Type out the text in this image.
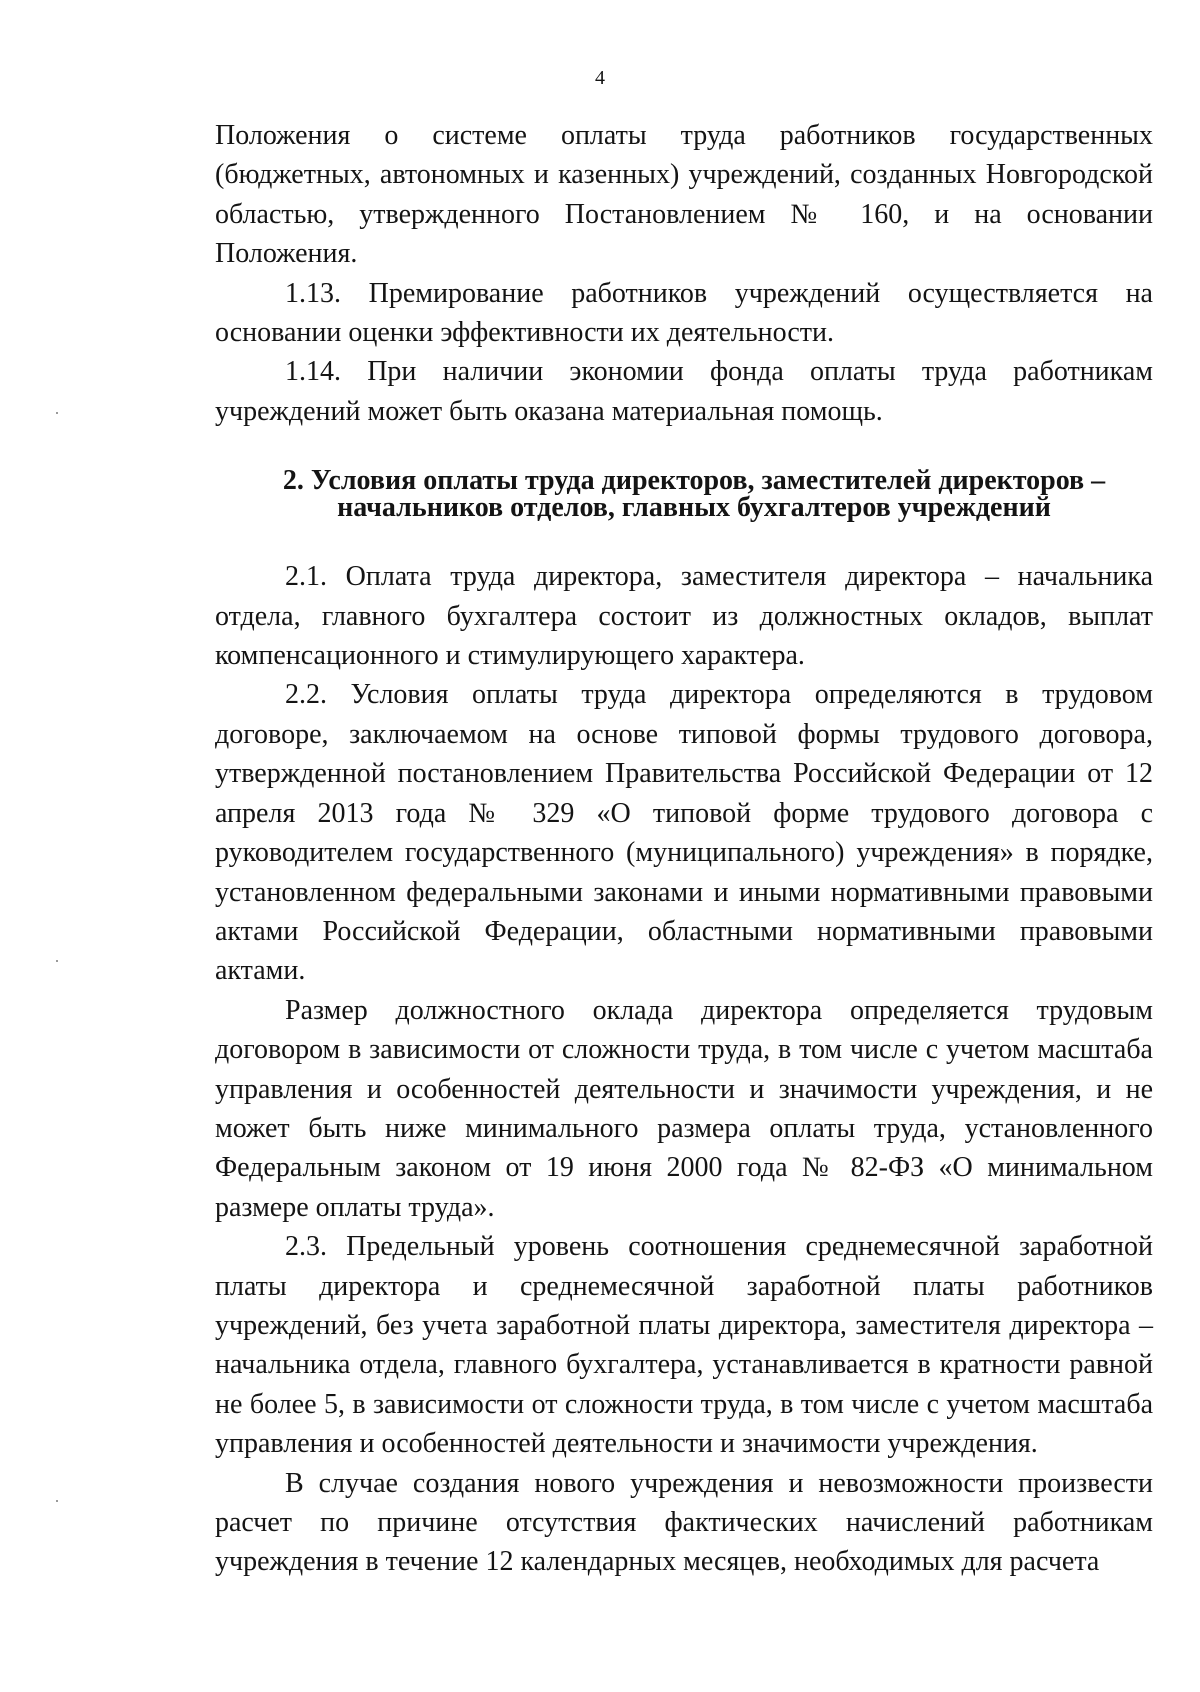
4

Положения о системе оплаты труда работников государственных (бюджетных, автономных и казенных) учреждений, созданных Новгородской областью, утвержденного Постановлением № 160, и на основании Положения.

1.13. Премирование работников учреждений осуществляется на основании оценки эффективности их деятельности.

1.14. При наличии экономии фонда оплаты труда работникам учреждений может быть оказана материальная помощь.

2. Условия оплаты труда директоров, заместителей директоров –
начальников отделов, главных бухгалтеров учреждений

2.1. Оплата труда директора, заместителя директора – начальника отдела, главного бухгалтера состоит из должностных окладов, выплат компенсационного и стимулирующего характера.

2.2. Условия оплаты труда директора определяются в трудовом договоре, заключаемом на основе типовой формы трудового договора, утвержденной постановлением Правительства Российской Федерации от 12 апреля 2013 года № 329 «О типовой форме трудового договора с руководителем государственного (муниципального) учреждения» в порядке, установленном федеральными законами и иными нормативными правовыми актами Российской Федерации, областными нормативными правовыми актами.

Размер должностного оклада директора определяется трудовым договором в зависимости от сложности труда, в том числе с учетом масштаба управления и особенностей деятельности и значимости учреждения, и не может быть ниже минимального размера оплаты труда, установленного Федеральным законом от 19 июня 2000 года № 82-ФЗ «О минимальном размере оплаты труда».

2.3. Предельный уровень соотношения среднемесячной заработной платы директора и среднемесячной заработной платы работников учреждений, без учета заработной платы директора, заместителя директора – начальника отдела, главного бухгалтера, устанавливается в кратности равной не более 5, в зависимости от сложности труда, в том числе с учетом масштаба управления и особенностей деятельности и значимости учреждения.

В случае создания нового учреждения и невозможности произвести расчет по причине отсутствия фактических начислений работникам учреждения в течение 12 календарных месяцев, необходимых для расчета
